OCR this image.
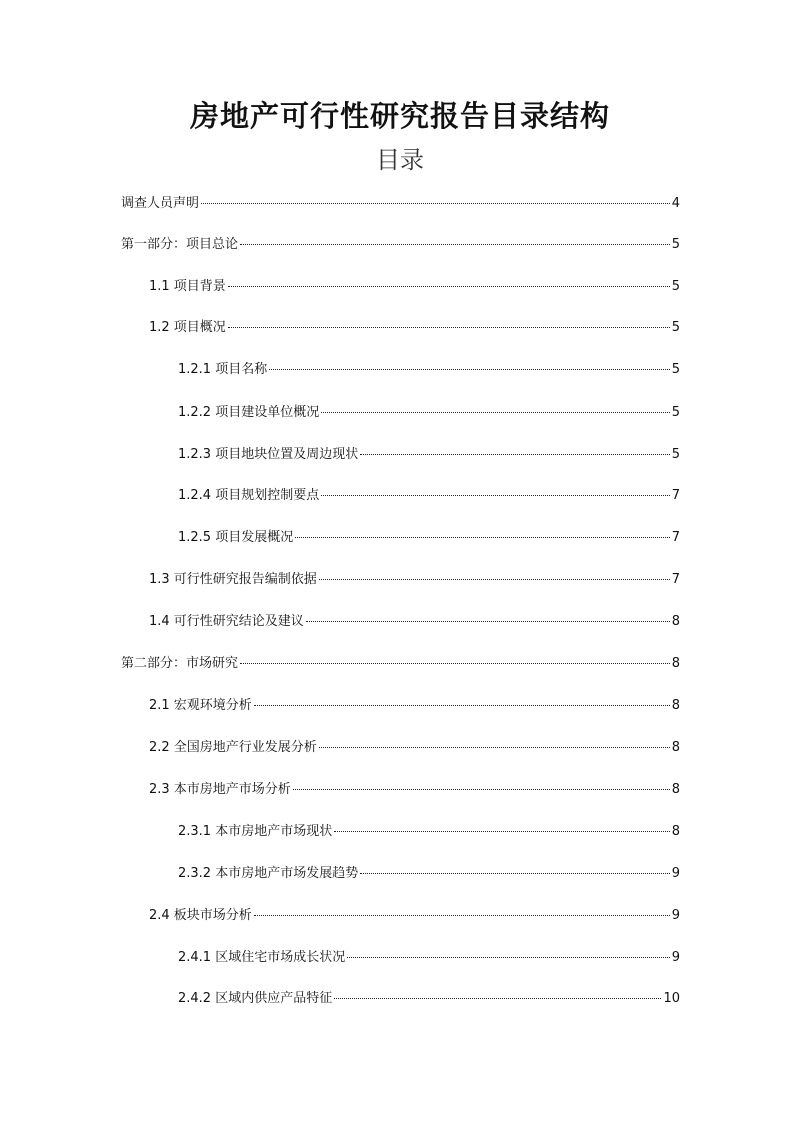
房地产可行性研究报告目录结构
目录
调查人员声明	4
第一部分：项目总论	5
1.1 项目背景	5
1.2 项目概况	5
1.2.1 项目名称	5
1.2.2 项目建设单位概况	5
1.2.3 项目地块位置及周边现状	5
1.2.4 项目规划控制要点	7
1.2.5 项目发展概况	7
1.3 可行性研究报告编制依据	7
1.4 可行性研究结论及建议	8
第二部分：市场研究	8
2.1 宏观环境分析	8
2.2 全国房地产行业发展分析	8
2.3 本市房地产市场分析	8
2.3.1 本市房地产市场现状	8
2.3.2 本市房地产市场发展趋势	9
2.4 板块市场分析	9
2.4.1 区域住宅市场成长状况	9
2.4.2 区域内供应产品特征	10
